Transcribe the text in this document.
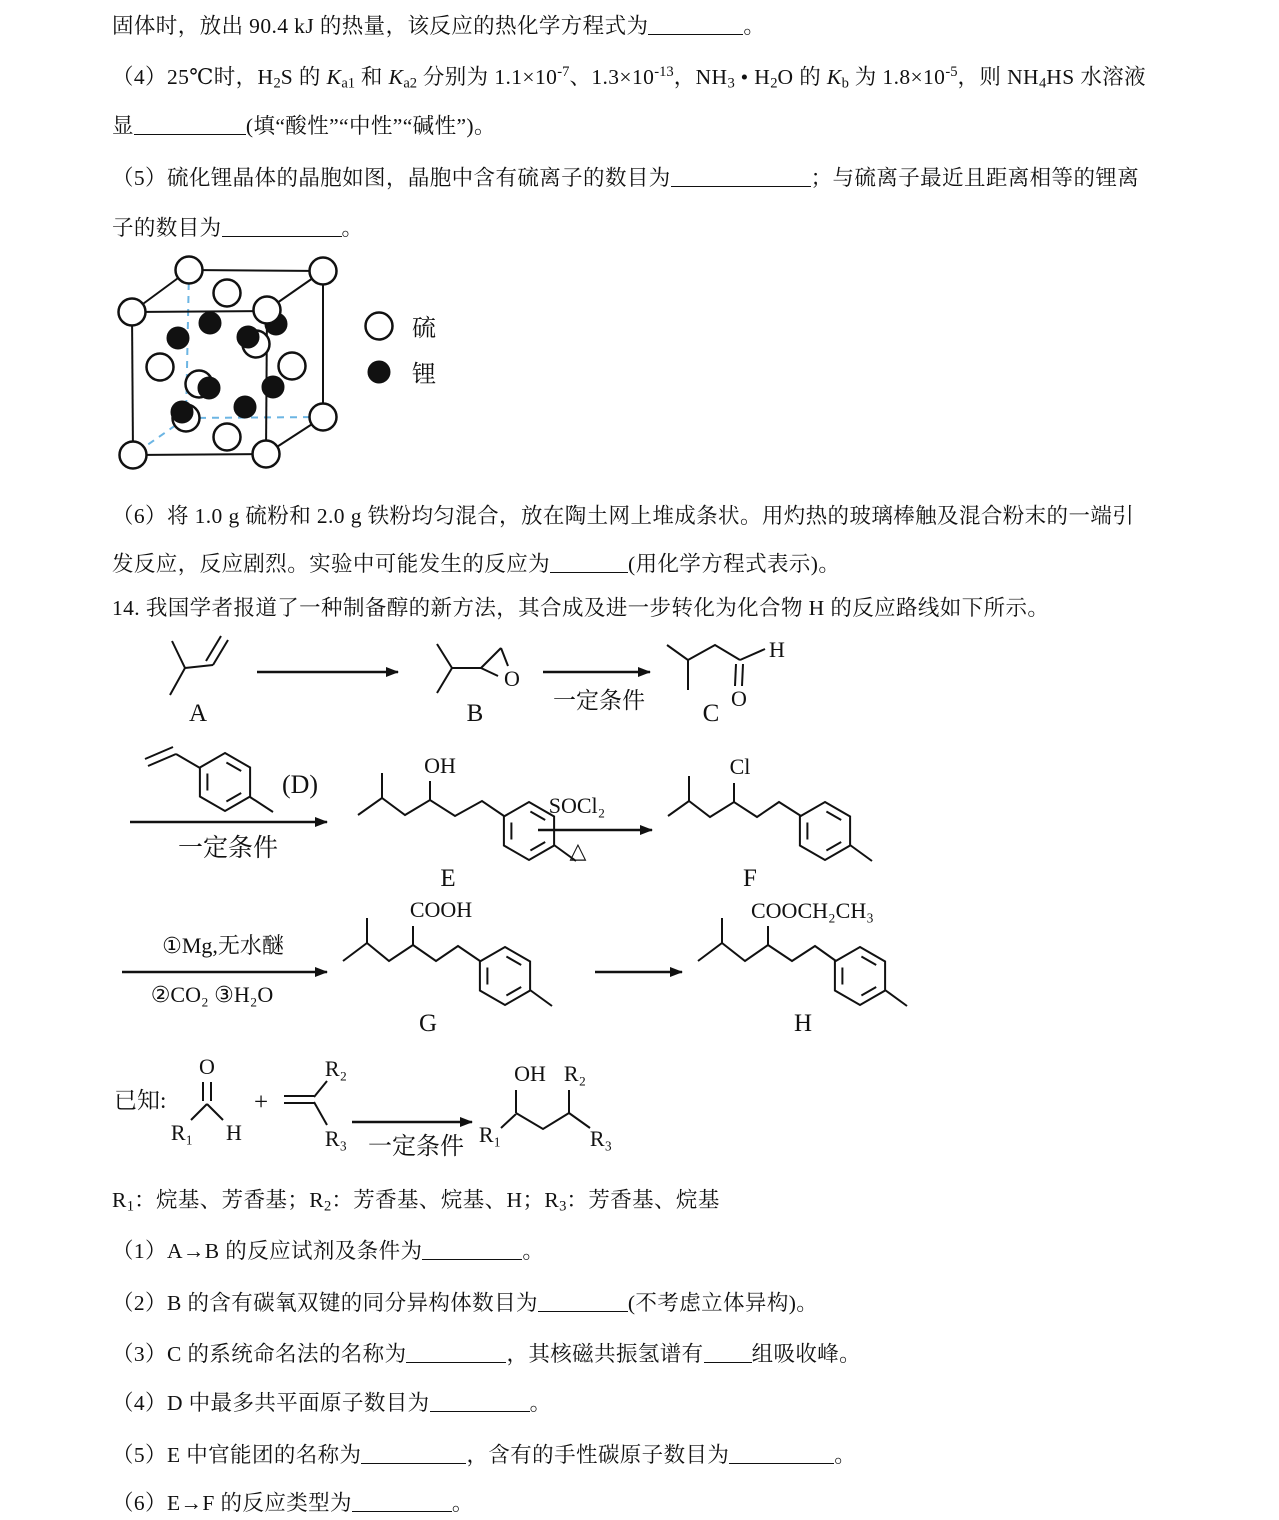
固体时，放出 90.4 kJ 的热量，该反应的热化学方程式为	。
（4）25℃时，$H_2S$ 的 $K_{a1}$ 和 $K_{a2}$ 分别为 $1.1\times 10^{-7}$、$1.3\times 10^{-13}$，$NH_3$ • $H_2O$ 的 $K_b$ 为 $1.8\times 10^{-5}$，则 $NH_4HS$ 水溶液
显	(填“酸性”“中性”“碱性”)。
（5）硫化锂晶体的晶胞如图，晶胞中含有硫离子的数目为	；与硫离子最近且距离相等的锂离
子的数目为	。
（6）将 1.0 g 硫粉和 2.0 g 铁粉均匀混合，放在陶土网上堆成条状。用灼热的玻璃棒触及混合粉末的一端引
发反应，反应剧烈。实验中可能发生的反应为	(用化学方程式表示)。
14. 我国学者报道了一种制备醇的新方法，其合成及进一步转化为化合物 H 的反应路线如下所示。
$R_1$：烷基、芳香基；$R_2$：芳香基、烷基、H；$R_3$：芳香基、烷基
（1）A→B 的反应试剂及条件为	。
（2）B 的含有碳氧双键的同分异构体数目为	(不考虑立体异构)。
（3）C 的系统命名法的名称为	，其核磁共振氢谱有 组吸收峰。
（4）D 中最多共平面原子数目为	。
（5）E 中官能团的名称为	，含有的手性碳原子数目为	。
（6）E→F 的反应类型为	。
硫
锂
A
O
B	一定条件
H
O
C
(D)
一定条件
OH
E
SOCl₂
△
Cl
F
①Mg,无水醚
②CO₂ ③H₂O
COOH
G
COOCH₂CH₃
H
已知:
O
R₁ H
+
R₂
R₃ 一定条件 R₁
OH R₂
R₃
